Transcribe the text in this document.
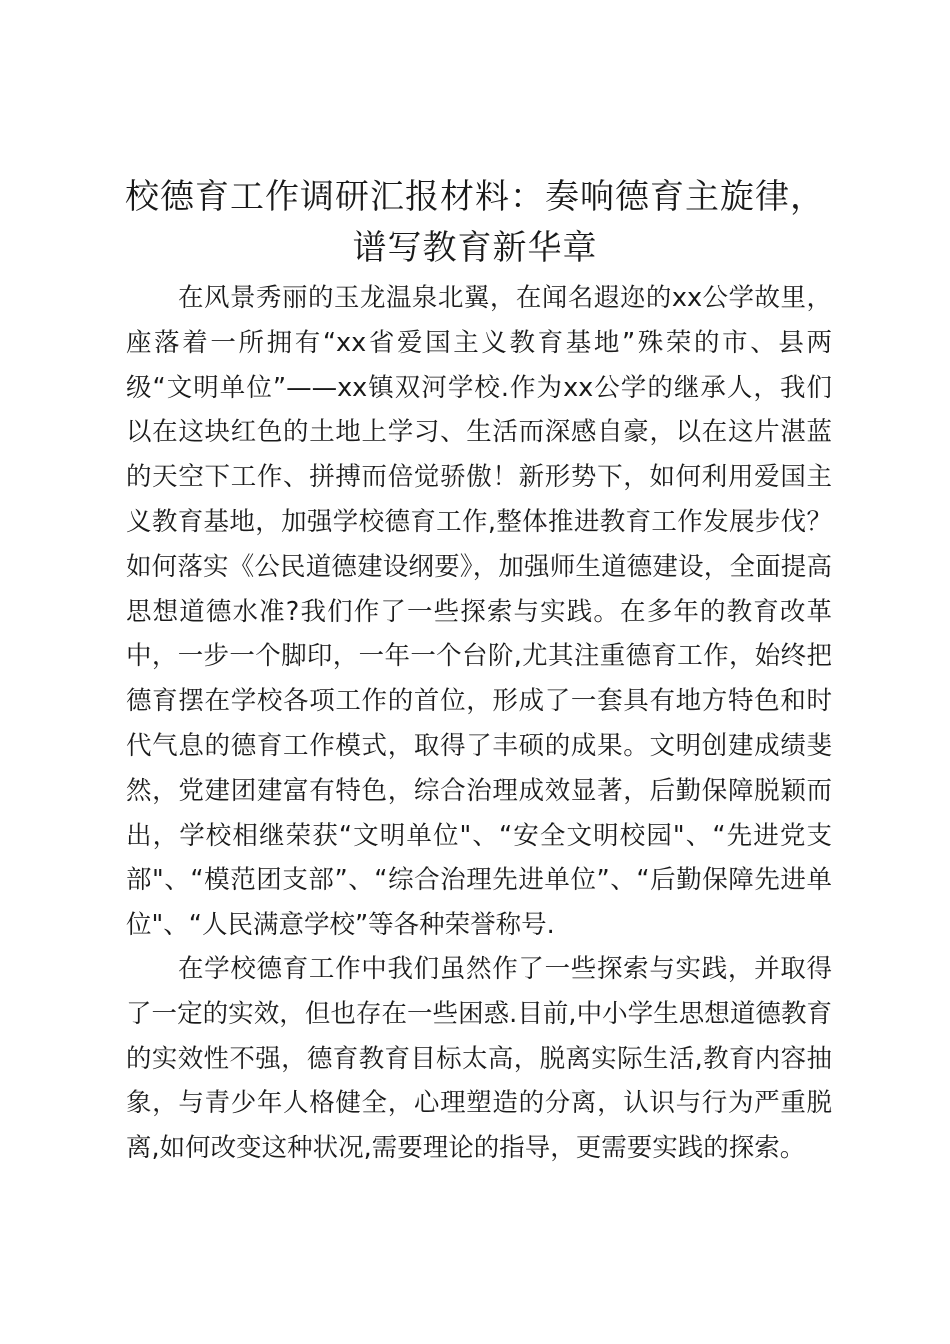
校德育工作调研汇报材料：奏响德育主旋律，谱写教育新华章

在风景秀丽的玉龙温泉北翼，在闻名遐迩的xx公学故里，座落着一所拥有“xx省爱国主义教育基地”殊荣的市、县两级“文明单位”——xx镇双河学校.作为xx公学的继承人，我们以在这块红色的土地上学习、生活而深感自豪，以在这片湛蓝的天空下工作、拼搏而倍觉骄傲！新形势下，如何利用爱国主义教育基地，加强学校德育工作,整体推进教育工作发展步伐？如何落实《公民道德建设纲要》，加强师生道德建设，全面提高思想道德水准?我们作了一些探索与实践。在多年的教育改革中，一步一个脚印，一年一个台阶,尤其注重德育工作，始终把德育摆在学校各项工作的首位，形成了一套具有地方特色和时代气息的德育工作模式，取得了丰硕的成果。文明创建成绩斐然，党建团建富有特色，综合治理成效显著，后勤保障脱颖而出，学校相继荣获“文明单位"、“安全文明校园"、“先进党支部"、“模范团支部”、“综合治理先进单位”、“后勤保障先进单位"、“人民满意学校”等各种荣誉称号.

在学校德育工作中我们虽然作了一些探索与实践，并取得了一定的实效，但也存在一些困惑.目前,中小学生思想道德教育的实效性不强，德育教育目标太高，脱离实际生活,教育内容抽象，与青少年人格健全，心理塑造的分离，认识与行为严重脱离,如何改变这种状况,需要理论的指导，更需要实践的探索。
